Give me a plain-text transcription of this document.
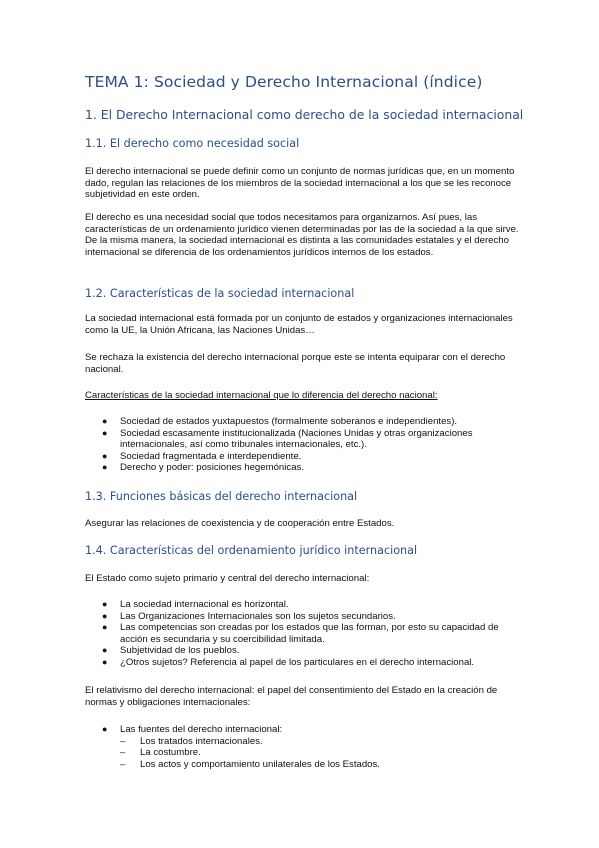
TEMA 1: Sociedad y Derecho Internacional (índice)
1. El Derecho Internacional como derecho de la sociedad internacional
1.1. El derecho como necesidad social
El derecho internacional se puede definir como un conjunto de normas jurídicas que, en un momento dado, regulan las relaciones de los miembros de la sociedad internacional a los que se les reconoce subjetividad en este orden.
El derecho es una necesidad social que todos necesitamos para organizarnos. Así pues, las características de un ordenamiento jurídico vienen determinadas por las de la sociedad a la que sirve. De la misma manera, la sociedad internacional es distinta a las comunidades estatales y el derecho internacional se diferencia de los ordenamientos jurídicos internos de los estados.
1.2. Características de la sociedad internacional
La sociedad internacional está formada por un conjunto de estados y organizaciones internacionales como la UE, la Unión Africana, las Naciones Unidas…
Se rechaza la existencia del derecho internacional porque este se intenta equiparar con el derecho nacional.
Características de la sociedad internacional que lo diferencia del derecho nacional:
● Sociedad de estados yuxtapuestos (formalmente soberanos e independientes).
● Sociedad escasamente institucionalizada (Naciones Unidas y otras organizaciones internacionales, así como tribunales internacionales, etc.).
● Sociedad fragmentada e interdependiente.
● Derecho y poder: posiciones hegemónicas.
1.3. Funciones básicas del derecho internacional
Asegurar las relaciones de coexistencia y de cooperación entre Estados.
1.4. Características del ordenamiento jurídico internacional
El Estado como sujeto primario y central del derecho internacional:
● La sociedad internacional es horizontal.
● Las Organizaciones Internacionales son los sujetos secundarios.
● Las competencias son creadas por los estados que las forman, por esto su capacidad de acción es secundaria y su coercibilidad limitada.
● Subjetividad de los pueblos.
● ¿Otros sujetos? Referencia al papel de los particulares en el derecho internacional.
El relativismo del derecho internacional: el papel del consentimiento del Estado en la creación de normas y obligaciones internacionales:
● Las fuentes del derecho internacional:
– Los tratados internacionales.
– La costumbre.
– Los actos y comportamiento unilaterales de los Estados.
